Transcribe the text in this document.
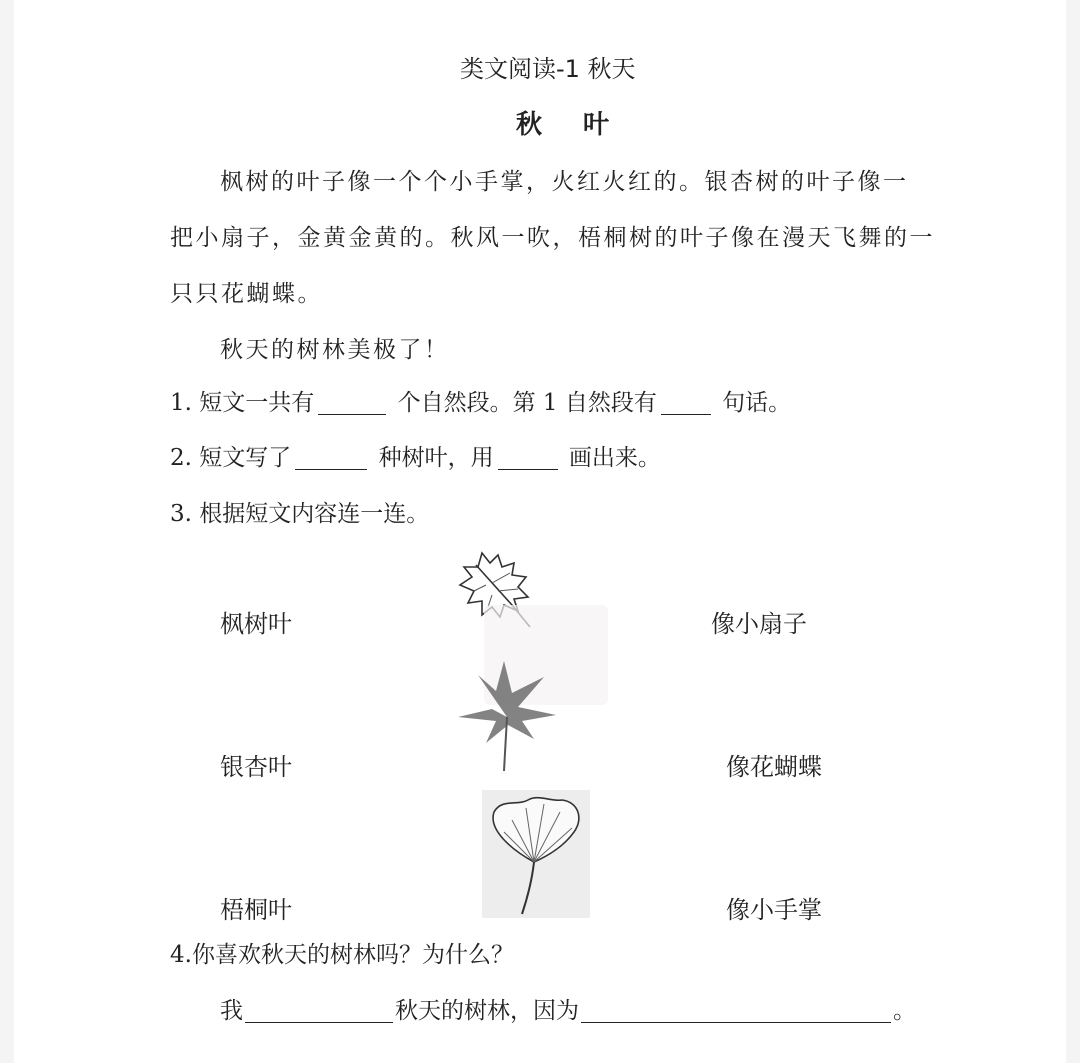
类文阅读-1 秋天
秋 叶
枫树的叶子像一个个小手掌，火红火红的。银杏树的叶子像一
把小扇子，金黄金黄的。秋风一吹，梧桐树的叶子像在漫天飞舞的一
只只花蝴蝶。
秋天的树林美极了！
1. 短文一共有	个自然段。第 1 自然段有	句话。
2. 短文写了	种树叶，用	画出来。
3. 根据短文内容连一连。
枫树叶
银杏叶
梧桐叶
像小扇子
像花蝴蝶
像小手掌
4.你喜欢秋天的树林吗？为什么？
我	秋天的树林，因为	。
